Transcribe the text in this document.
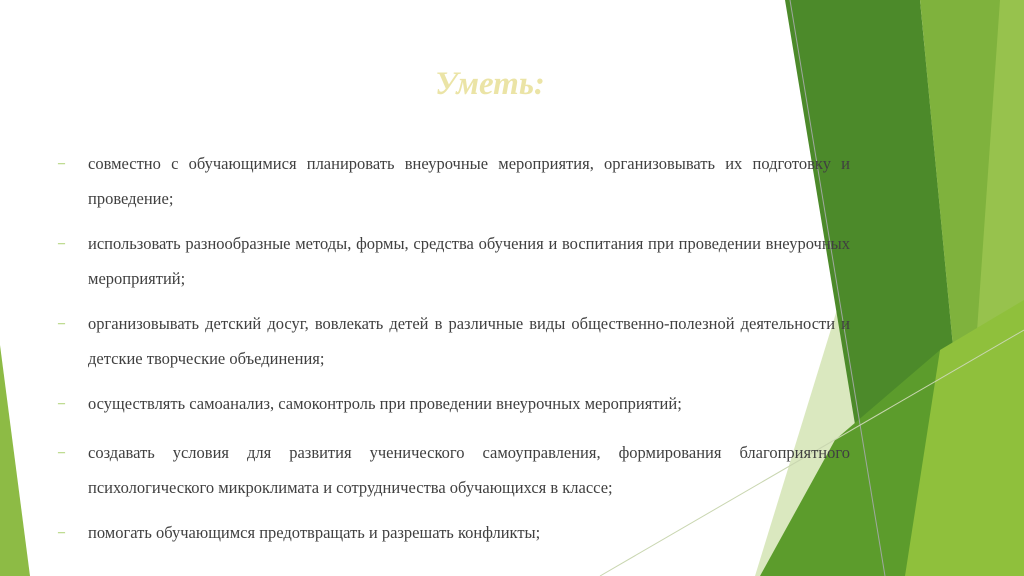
Уметь:
– совместно с обучающимися планировать внеурочные мероприятия, организовывать их подготовку и проведение;
– использовать разнообразные методы, формы, средства обучения и воспитания при проведении внеурочных мероприятий;
– организовывать детский досуг, вовлекать детей в различные виды общественно-полезной деятельности и детские творческие объединения;
– осуществлять самоанализ, самоконтроль при проведении внеурочных мероприятий;
– создавать условия для развития ученического самоуправления, формирования благоприятного психологического микроклимата и сотрудничества обучающихся в классе;
– помогать обучающимся предотвращать и разрешать конфликты;
